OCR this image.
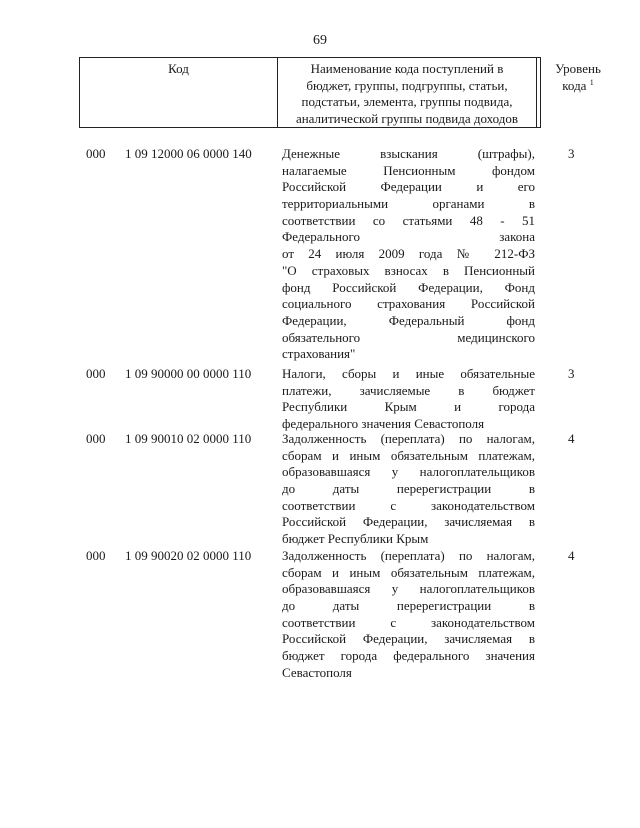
69
Код	Наименование кода поступлений в
бюджет, группы, подгруппы, статьи,
подстатьи, элемента, группы подвида,
аналитической группы подвида доходов
Уровень
кода $^1$
000 1 09 12000 06 0000 140 Денежные взыскания (штрафы),
налагаемые Пенсионным фондом
Российской Федерации и его
территориальными органами в
соответствии со статьями 48 - 51
Федерального закона
от 24 июля 2009 года № 212-ФЗ
"О страховых взносах в Пенсионный
фонд Российской Федерации, Фонд
социального страхования Российской
Федерации, Федеральный фонд
обязательного медицинского
страхования"
3
000 1 09 90000 00 0000 110 Налоги, сборы и иные обязательные
платежи, зачисляемые в бюджет
Республики Крым и города
федерального значения Севастополя
3
000 1 09 90010 02 0000 110 Задолженность (переплата) по налогам,
сборам и иным обязательным платежам,
образовавшаяся у налогоплательщиков
до даты перерегистрации в
соответствии с законодательством
Российской Федерации, зачисляемая в
бюджет Республики Крым
4
000 1 09 90020 02 0000 110 Задолженность (переплата) по налогам,
сборам и иным обязательным платежам,
образовавшаяся у налогоплательщиков
до даты перерегистрации в
соответствии с законодательством
Российской Федерации, зачисляемая в
бюджет города федерального значения
Севастополя
4
